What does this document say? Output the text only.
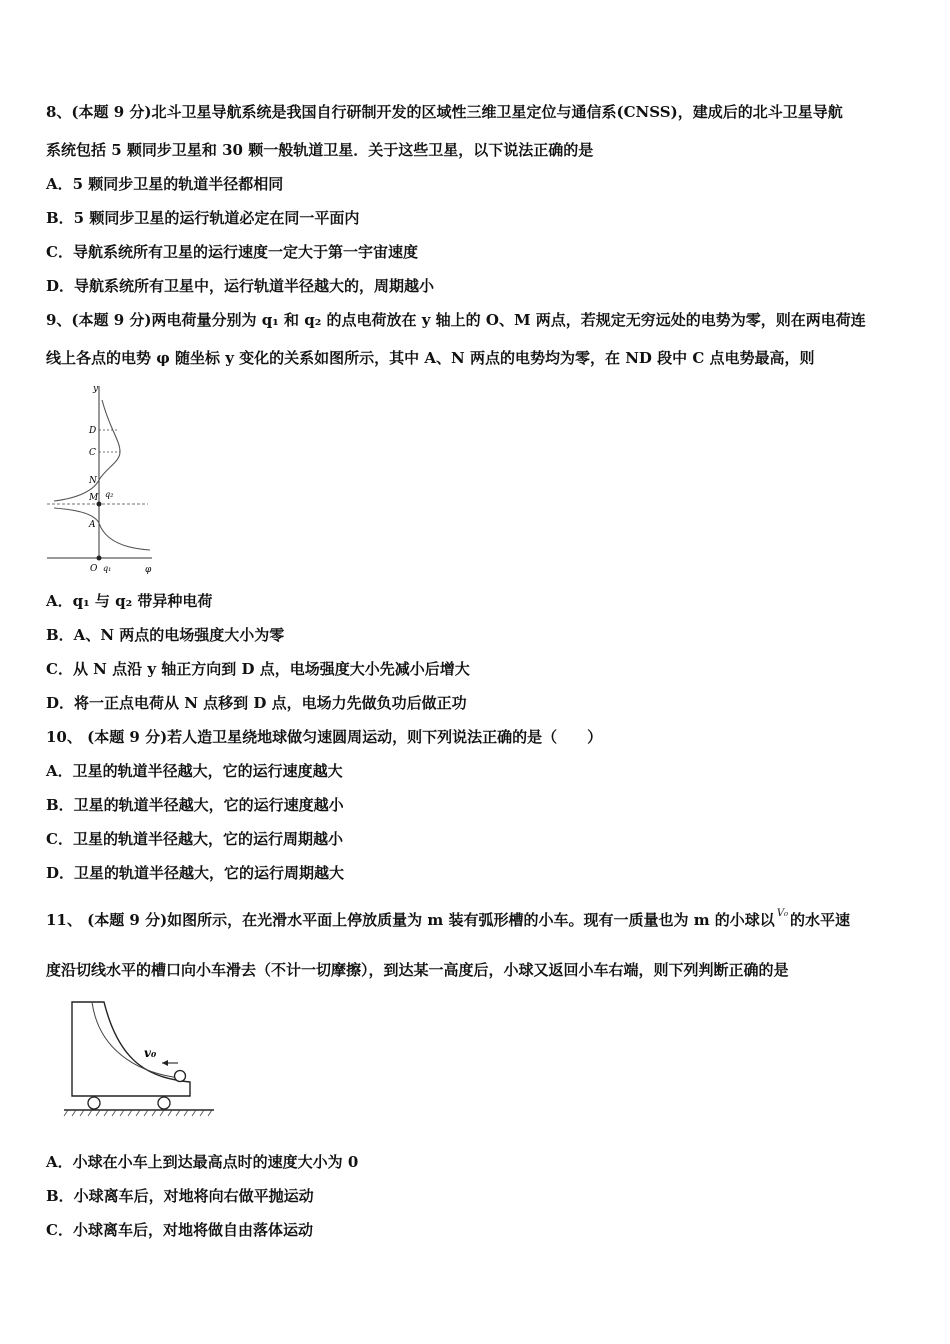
8、(本题 9 分)北斗卫星导航系统是我国自行研制开发的区域性三维卫星定位与通信系(CNSS)，建成后的北斗卫星导航
系统包括 5 颗同步卫星和 30 颗一般轨道卫星．关于这些卫星，以下说法正确的是
A．5 颗同步卫星的轨道半径都相同
B．5 颗同步卫星的运行轨道必定在同一平面内
C．导航系统所有卫星的运行速度一定大于第一宇宙速度
D．导航系统所有卫星中，运行轨道半径越大的，周期越小
9、(本题 9 分)两电荷量分别为 q₁ 和 q₂ 的点电荷放在 y 轴上的 O、M 两点，若规定无穷远处的电势为零，则在两电荷连
线上各点的电势 φ 随坐标 y 变化的关系如图所示，其中 A、N 两点的电势均为零，在 ND 段中 C 点电势最高，则
y
D
C
N
M q₂
A
O q₁	φ
A．q₁ 与 q₂ 带异种电荷
B．A、N 两点的电场强度大小为零
C．从 N 点沿 y 轴正方向到 D 点，电场强度大小先减小后增大
D．将一正点电荷从 N 点移到 D 点，电场力先做负功后做正功
10、 (本题 9 分)若人造卫星绕地球做匀速圆周运动，则下列说法正确的是（　　）
A．卫星的轨道半径越大，它的运行速度越大
B．卫星的轨道半径越大，它的运行速度越小
C．卫星的轨道半径越大，它的运行周期越小
D．卫星的轨道半径越大，它的运行周期越大
11、 (本题 9 分)如图所示，在光滑水平面上停放质量为 m 装有弧形槽的小车。现有一质量也为 m 的小球以 $^{V_0}$ 的水平速
度沿切线水平的槽口向小车滑去（不计一切摩擦），到达某一高度后，小球又返回小车右端，则下列判断正确的是
v₀
A．小球在小车上到达最高点时的速度大小为 0
B．小球离车后，对地将向右做平抛运动
C．小球离车后，对地将做自由落体运动
